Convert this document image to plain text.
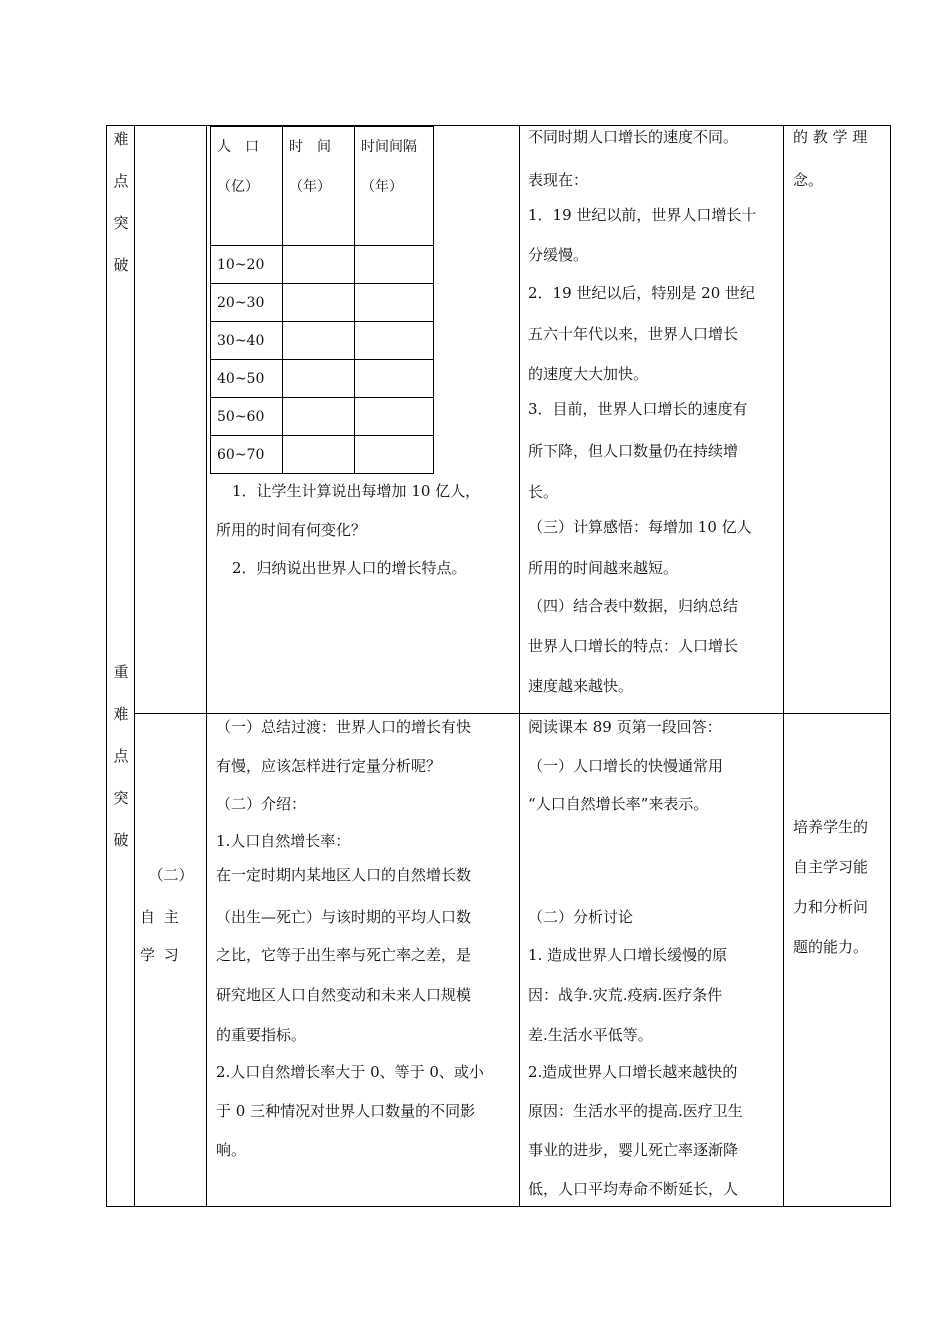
难
点
突
破
重
难
点
突
破
（二）
自 主
学 习
人　口（亿）	时　间（年）	时间间隔（年）
10~20		
20~30		
30~40		
40~50		
50~60		
60~70		
1．让学生计算说出每增加 10 亿人，
所用的时间有何变化？
2．归纳说出世界人口的增长特点。
不同时期人口增长的速度不同。
表现在：
1．19 世纪以前，世界人口增长十
分缓慢。
2．19 世纪以后，特别是 20 世纪
五六十年代以来，世界人口增长
的速度大大加快。
3．目前，世界人口增长的速度有
所下降，但人口数量仍在持续增
长。
（三）计算感悟：每增加 10 亿人
所用的时间越来越短。
（四）结合表中数据，归纳总结
世界人口增长的特点：人口增长
速度越来越快。
的 教 学 理
念。
（一）总结过渡：世界人口的增长有快
有慢，应该怎样进行定量分析呢？
（二）介绍：
1.人口自然增长率：
在一定时期内某地区人口的自然增长数
（出生—死亡）与该时期的平均人口数
之比，它等于出生率与死亡率之差，是
研究地区人口自然变动和未来人口规模
的重要指标。
2.人口自然增长率大于 0、等于 0、或小
于 0 三种情况对世界人口数量的不同影
响。
阅读课本 89 页第一段回答：
（一）人口增长的快慢通常用
“人口自然增长率”来表示。
（二）分析讨论
1. 造成世界人口增长缓慢的原
因：战争.灾荒.疫病.医疗条件
差.生活水平低等。
2.造成世界人口增长越来越快的
原因：生活水平的提高.医疗卫生
事业的进步，婴儿死亡率逐渐降
低，人口平均寿命不断延长，人
培养学生的
自主学习能
力和分析问
题的能力。
